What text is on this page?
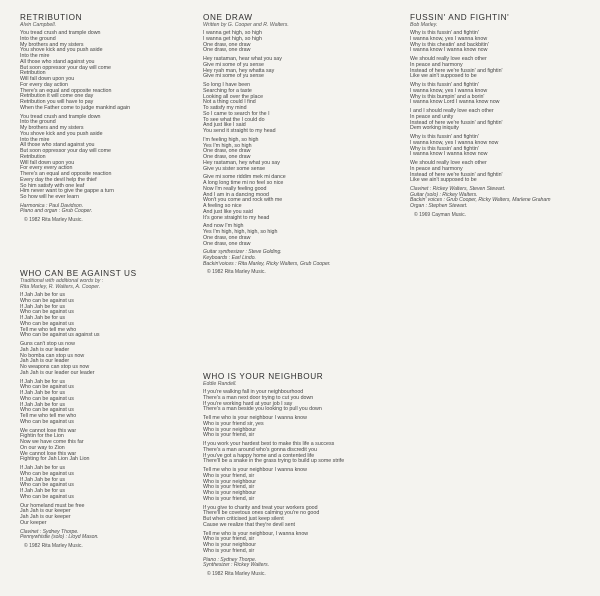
RETRIBUTION
Alvin Campbell.
You tread crush and trample down
Into the ground
My brothers and my sisters
You shove kick and you push aside
Into the mire
All those who stand against you
But soon oppressor your day will come
Retribution
Will fall down upon you
For every day action
There's an equal and opposite reaction
Retribution it will come one day
Retribution you will have to pay
When the Father come to judge mankind again
You tread crush and trample down
Into the ground
My brothers and my sisters
You shove kick and you push aside
Into the mire
All those who stand against you
But soon oppressor your day will come
Retribution
Will fall down upon you
For every every action
There's an equal and opposite reaction
Every day the devil help the thief
So him satisfy with one leaf
Him never want to give the gappe a turn
So how will he ever learn
Harmonica : Paul Davidson.
Piano and organ : Grub Cooper.
© 1982 Rita Marley Music.
ONE DRAW
Written by G. Cooper and R. Walters.
I wanna get high, so high
I wanna get high, so high
One draw, one draw
One draw, one draw
Hey rastaman, hear what you say
Give mi some of yu sense
Hey ryah man, hey whatta say
Give mi some of yu sense
So long I have been
Searching for a taste
Looking all over the place
Not a thing could I find
To satisfy my mind
So I came to search for the I
To see what the I could do
And just like I said
You send it straight to my head
I'm feeling high, so high
Yes I'm high, so high
One draw, one draw
One draw, one draw
Hey rastaman, hey what you say
Give yu sister some sense
Give mi some riddim mek mi dance
A long long time mi no feel so nice
Now I'm really feeling good
And I am in a dancing mood
Won't you come and rock with me
A feeling so nice
And just like you said
It's gone straight to my head
And now I'm high
Yes I'm high, high, high, so high
One draw, one draw
One draw, one draw
Guitar synthesizer : Steve Golding.
Keyboards : Earl Lindo.
Backin'voices : Rita Marley, Ricky Walters, Grub Cooper.
© 1982 Rita Marley Music.
FUSSIN' AND FIGHTIN'
Bob Marley.
Why is this fussin' and fightin'
I wanna know, yes I wanna know
Why is this cheatin' and backbitin'
I wanna know I wanna know now
We should really love each other
In peace and harmony
Instead of here we're fussin' and fightin'
Like we ain't supposed to be
Why is this fussin' and fightin'
I wanna know, yes I wanna know
Why is this bumpin' and a borin'
I wanna know Lord I wanna know now
I and I should really love each other
In peace and unity
Instead of here we're fussin' and fightin'
Dem working iniquity
Why is this fussin' and fightin'
I wanna know, yes I wanna know now
Why is this fussin' and fightin'
I wanna know I wanna know now
We should really love each other
In peace and harmony
Instead of here we're fussin' and fightin'
Like we ain't supposed to be
Clavinet : Rickey Walters, Steven Stewart.
Guitar (solo) : Rickey Walters.
Backin' voices : Grub Cooper, Ricky Walters, Marlene Graham
Organ : Stephen Stewart.
© 1969 Cayman Music.
WHO CAN BE AGAINST US
Traditional with additional words by :
Rita Marley, R. Walters, A. Cooper.
If Jah Jah be for us
Who can be against us
If Jah Jah be for us
Who can be against us
If Jah Jah be for us
Who can be against us
Tell me who tell me who
Who can be against us against us
Guns can't stop us now
Jah Jah is our leader
No bomba can stop us now
Jah Jah is our leader
No weapons can stop us now
Jah Jah is our leader our leader
If Jah Jah be for us
Who can be against us
If Jah Jah be for us
Who can be against us
If Jah Jah be for us
Who can be against us
Tell me who tell me who
Who can be against us
We cannot lose this war
Fightin for the Lion
Now we have come this far
On our way to Zion
We cannot lose this war
Fighting for Jah Lion Jah Lion
If Jah Jah be for us
Who can be against us
If Jah Jah be for us
Who can be against us
If Jah Jah be for us
Who can be against us
Our homeland must be free
Jah Jah is our keeper
Jah Jah is our keeper
Our keeper
Clavinet : Sydney Thorpe.
Pennywhistle (solo) : Lloyd Mason.
© 1982 Rita Marley Music.
WHO IS YOUR NEIGHBOUR
Eddie Randell.
If you're walking fall in your neighbourhood
There's a man next door trying to cut you down
If you're working hard at your job I say
There's a man beside you looking to pull you down
Tell me who is your neighbour I wanna know
Who is your friend sir, yes
Who is your neighbour
Who is your friend, sir
If you work your hardest best to make this life a success
There's a man around who's gonna discredit you
If you've got a happy home and a contented life
There'll be a snake in the grass trying to build up some strife
Tell me who is your neighbour I wanna know
Who is your friend, sir
Who is your neighbour
Who is your friend, sir
Who is your neighbour
Who is your friend, sir
If you give to charity and treat your workers good
There'll be covetous ones calming you're no good
But when criticised just keep silent
Cause we realize that they're devil sent
Tell me who is your neighbour, I wanna know
Who is your friend, sir
Who is your neighbour
Who is your friend, sir
Piano : Sydney Thorpe.
Synthesizer : Rickey Walters.
© 1982 Rita Marley Music.
